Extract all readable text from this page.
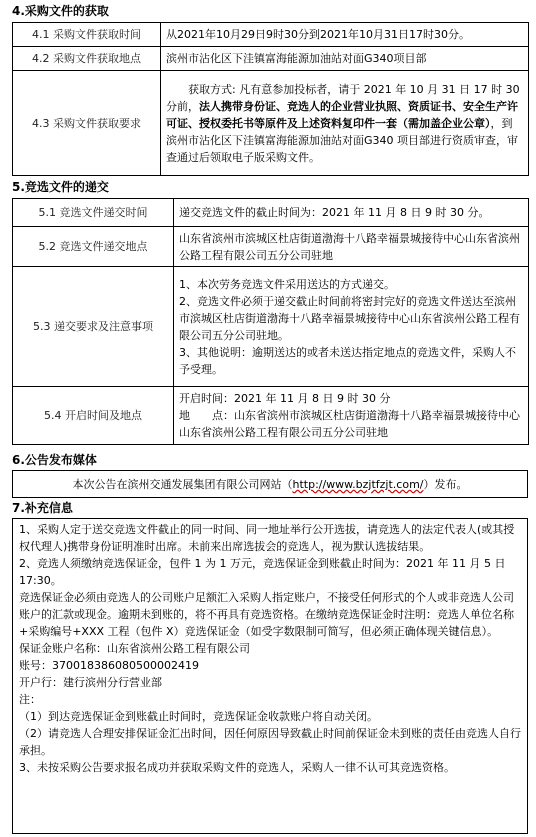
4.采购文件的获取
4.1 采购文件获取时间	从2021年10月29日9时30分到2021年10月31日17时30分。
4.2 采购文件获取地点	滨州市沾化区下洼镇富海能源加油站对面G340项目部
4.3 采购文件获取要求	获取方式: 凡有意参加投标者，请于 2021 年 10 月 31 日 17 时 30 分前，法人携带身份证、竞选人的企业营业执照、资质证书、安全生产许可证、授权委托书等原件及上述资料复印件一套（需加盖企业公章），到滨州市沾化区下洼镇富海能源加油站对面G340 项目部进行资质审查，审查通过后领取电子版采购文件。
5.竞选文件的递交
5.1 竞选文件递交时间	递交竞选文件的截止时间为：2021 年 11 月 8 日 9 时 30 分。
5.2 竞选文件递交地点	山东省滨州市滨城区杜店街道渤海十八路幸福景城接待中心山东省滨州公路工程有限公司五分公司驻地
5.3 递交要求及注意事项	1、本次劳务竞选文件采用送达的方式递交。
2、竞选文件必须于递交截止时间前将密封完好的竞选文件送达至滨州市滨城区杜店街道渤海十八路幸福景城接待中心山东省滨州公路工程有限公司五分公司驻地。
3、其他说明：逾期送达的或者未送达指定地点的竞选文件，采购人不予受理。

5.4 开启时间及地点	开启时间：2021 年 11 月 8 日 9 时 30 分
地　　点：山东省滨州市滨城区杜店街道渤海十八路幸福景城接待中心山东省滨州公路工程有限公司五分公司驻地
6.公告发布媒体
本次公告在滨州交通发展集团有限公司网站（http://www.bzjtfzjt.com/）发布。
7.补充信息
1、采购人定于送交竞选文件截止的同一时间、同一地址举行公开选拔，请竞选人的法定代表人(或其授权代理人)携带身份证明准时出席。未前来出席选拔会的竞选人，视为默认选拔结果。
2、竞选人须缴纳竞选保证金，包件 1 为 1 万元，竞选保证金到账截止时间为：2021 年 11 月 5 日 17:30。
竞选保证金必须由竞选人的公司账户足额汇入采购人指定账户，不接受任何形式的个人或非竞选人公司账户的汇款或现金。逾期未到账的，将不再具有竞选资格。在缴纳竞选保证金时注明：竞选人单位名称+采购编号+XXX 工程（包件 X）竞选保证金（如受字数限制可简写，但必须正确体现关键信息）。
保证金账户名称：山东省滨州公路工程有限公司
账号：370018386080500002419
开户行：建行滨州分行营业部
注：
（1）到达竞选保证金到账截止时间时，竞选保证金收款账户将自动关闭。
（2）请竞选人合理安排保证金汇出时间，因任何原因导致截止时间前保证金未到账的责任由竞选人自行承担。
3、未按采购公告要求报名成功并获取采购文件的竞选人，采购人一律不认可其竞选资格。
